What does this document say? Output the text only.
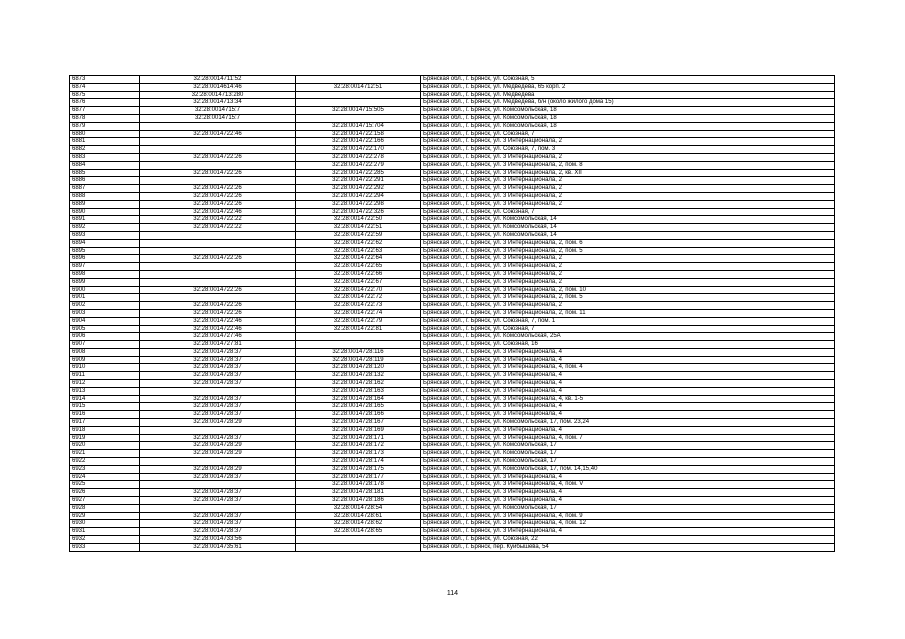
6873	32:28:0014711:52		Брянская обл., г. Брянск, ул. Союзная, 5
6874	32:28:0014614:46	32:28:0014712:51	Брянская обл., г. Брянск, ул. Медведева, 65 корп. 2
6875	32:28:0014713:280		Брянская обл., г. Брянск, ул. Медведева
6876	32:28:0014713:34		Брянская обл., г. Брянск, ул. Медведева, б/н (около жилого дома 15)
6877	32:28:0014715:7	32:28:0014715:505	Брянская обл., г. Брянск, ул. Комсомольская, 18
6878	32:28:0014715:7		Брянская обл., г. Брянск, ул. Комсомольская, 18
6879		32:28:0014715:704	Брянская обл., г. Брянск, ул. Комсомольская, 18
6880	32:28:0014722:46	32:28:0014722:158	Брянская обл., г. Брянск, ул. Союзная, 7
6881		32:28:0014722:166	Брянская обл., г. Брянск, ул. 3 Интернационала, 2
6882		32:28:0014722:170	Брянская обл., г. Брянск, ул. Союзная, 7, пом. 3
6883	32:28:0014722:26	32:28:0014722:278	Брянская обл., г. Брянск, ул. 3 Интернационала, 2
6884		32:28:0014722:279	Брянская обл., г. Брянск, ул. 3 Интернационала, 2, пом. 8
6885	32:28:0014722:26	32:28:0014722:285	Брянская обл., г. Брянск, ул. 3 Интернационала, 2, кв. XII
6886		32:28:0014722:291	Брянская обл., г. Брянск, ул. 3 Интернационала, 2
6887	32:28:0014722:26	32:28:0014722:292	Брянская обл., г. Брянск, ул. 3 Интернационала, 2
6888	32:28:0014722:26	32:28:0014722:294	Брянская обл., г. Брянск, ул. 3 Интернационала, 2
6889	32:28:0014722:26	32:28:0014722:298	Брянская обл., г. Брянск, ул. 3 Интернационала, 2
6890	32:28:0014722:46	32:28:0014722:326	Брянская обл., г. Брянск, ул. Союзная, 7
6891	32:28:0014722:22	32:28:0014722:50	Брянская обл., г. Брянск, ул. Комсомольская, 14
6892	32:28:0014722:22	32:28:0014722:51	Брянская обл., г. Брянск, ул. Комсомольская, 14
6893		32:28:0014722:59	Брянская обл., г. Брянск, ул. Комсомольская, 14
6894		32:28:0014722:62	Брянская обл., г. Брянск, ул. 3 Интернационала, 2, пом. 6
6895		32:28:0014722:63	Брянская обл., г. Брянск, ул. 3 Интернационала, 2, пом. 5
6896	32:28:0014722:26	32:28:0014722:64	Брянская обл., г. Брянск, ул. 3 Интернационала, 2
6897		32:28:0014722:65	Брянская обл., г. Брянск, ул. 3 Интернационала, 2
6898		32:28:0014722:66	Брянская обл., г. Брянск, ул. 3 Интернационала, 2
6899		32:28:0014722:67	Брянская обл., г. Брянск, ул. 3 Интернационала, 2
6900	32:28:0014722:26	32:28:0014722:70	Брянская обл., г. Брянск, ул. 3 Интернационала, 2, пом. 10
6901		32:28:0014722:72	Брянская обл., г. Брянск, ул. 3 Интернационала, 2, пом. 5
6902	32:28:0014722:26	32:28:0014722:73	Брянская обл., г. Брянск, ул. 3 Интернационала, 2
6903	32:28:0014722:26	32:28:0014722:74	Брянская обл., г. Брянск, ул. 3 Интернационала, 2, пом. 11
6904	32:28:0014722:46	32:28:0014722:79	Брянская обл., г. Брянск, ул. Союзная, 7, пом. 1
6905	32:28:0014722:46	32:28:0014722:81	Брянская обл., г. Брянск, ул. Союзная, 7
6906	32:28:0014727:46		Брянская обл., г. Брянск, ул. Комсомольская, 25А
6907	32:28:0014727:81		Брянская обл., г. Брянск, ул. Союзная, 16
6908	32:28:0014728:37	32:28:0014728:116	Брянская обл., г. Брянск, ул. 3 Интернационала, 4
6909	32:28:0014728:37	32:28:0014728:119	Брянская обл., г. Брянск, ул. 3 Интернационала, 4
6910	32:28:0014728:37	32:28:0014728:120	Брянская обл., г. Брянск, ул. 3 Интернационала, 4, пом. 4
6911	32:28:0014728:37	32:28:0014728:132	Брянская обл., г. Брянск, ул. 3 Интернационала, 4
6912	32:28:0014728:37	32:28:0014728:162	Брянская обл., г. Брянск, ул. 3 Интернационала, 4
6913		32:28:0014728:163	Брянская обл., г. Брянск, ул. 3 Интернационала, 4
6914	32:28:0014728:37	32:28:0014728:164	Брянская обл., г. Брянск, ул. 3 Интернационала, 4, кв. 1-5
6915	32:28:0014728:37	32:28:0014728:165	Брянская обл., г. Брянск, ул. 3 Интернационала, 4
6916	32:28:0014728:37	32:28:0014728:166	Брянская обл., г. Брянск, ул. 3 Интернационала, 4
6917	32:28:0014728:29	32:28:0014728:167	Брянская обл., г. Брянск, ул. Комсомольская, 17, пом. 23,24
6918		32:28:0014728:169	Брянская обл., г. Брянск, ул. 3 Интернационала, 4
6919	32:28:0014728:37	32:28:0014728:171	Брянская обл., г. Брянск, ул. 3 Интернационала, 4, пом. 7
6920	32:28:0014728:29	32:28:0014728:172	Брянская обл., г. Брянск, ул. Комсомольская, 17
6921	32:28:0014728:29	32:28:0014728:173	Брянская обл., г. Брянск, ул. Комсомольская, 17
6922		32:28:0014728:174	Брянская обл., г. Брянск, ул. Комсомольская, 17
6923	32:28:0014728:29	32:28:0014728:175	Брянская обл., г. Брянск, ул. Комсомольская, 17, пом. 14,15,40
6924	32:28:0014728:37	32:28:0014728:177	Брянская обл., г. Брянск, ул. 3 Интернационала, 4
6925		32:28:0014728:178	Брянская обл., г. Брянск, ул. 3 Интернационала, 4, пом. V
6926	32:28:0014728:37	32:28:0014728:181	Брянская обл., г. Брянск, ул. 3 Интернационала, 4
6927	32:28:0014728:37	32:28:0014728:186	Брянская обл., г. Брянск, ул. 3 Интернационала, 4
6928		32:28:0014728:54	Брянская обл., г. Брянск, ул. Комсомольская, 17
6929	32:28:0014728:37	32:28:0014728:61	Брянская обл., г. Брянск, ул. 3 Интернационала, 4, пом. 9
6930	32:28:0014728:37	32:28:0014728:62	Брянская обл., г. Брянск, ул. 3 Интернационала, 4, пом. 12
6931	32:28:0014728:37	32:28:0014728:65	Брянская обл., г. Брянск, ул. 3 Интернационала, 4
6932	32:28:0014733:56		Брянская обл., г. Брянск, ул. Союзная, 22
6933	32:28:0014735:61		Брянская обл., г. Брянск, пер. Куйбышева, 54
114
